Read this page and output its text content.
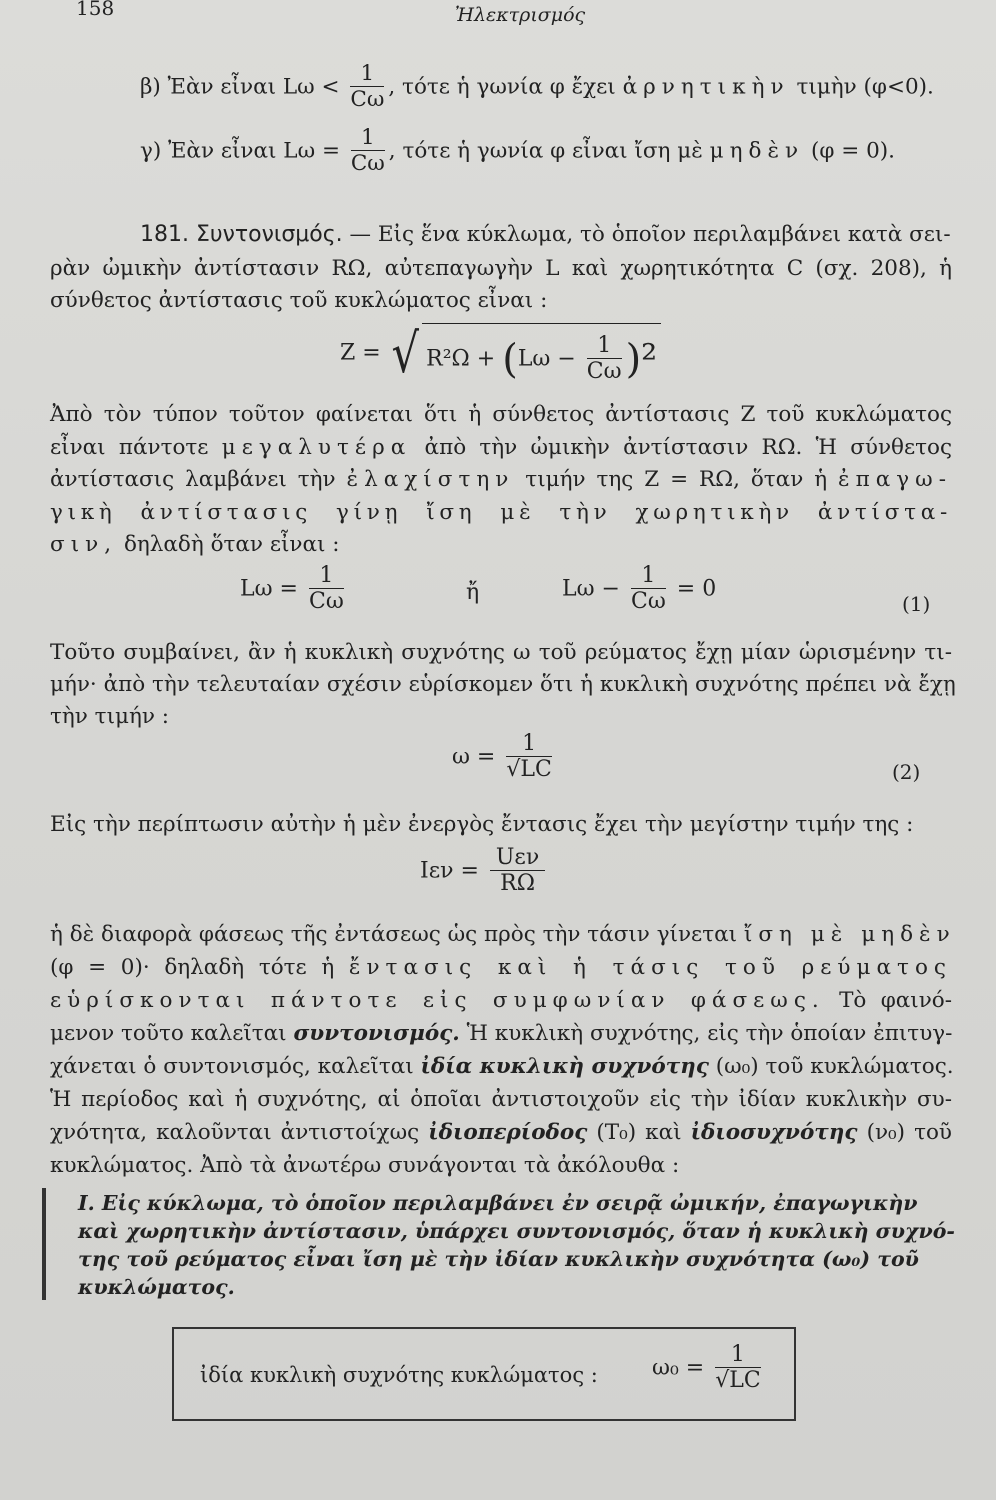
158	Ἠλεκτρισμός
β) Ἐὰν εἶναι $L\omega < \frac{1}{C\omega}$ , τότε ἡ γωνία φ ἔχει ἀρνητικὴν τιμὴν (φ<0).
γ) Ἐὰν εἶναι $L\omega = \frac{1}{C\omega}$ , τότε ἡ γωνία φ εἶναι ἴση μὲ μηδὲν (φ = 0).
181. Συντονισμός. — Εἰς ἕνα κύκλωμα, τὸ ὁποῖον περιλαμβάνει κατὰ σει-
ρὰν ὠμικὴν ἀντίστασιν RΩ, αὐτεπαγωγὴν L καὶ χωρητικότητα C (σχ. 208), ἡ
σύνθετος ἀντίστασις τοῦ κυκλώματος εἶναι :
Z = √ $R^2\Omega + (L\omega - \frac{1}{C\omega} )^2$
Ἀπὸ τὸν τύπον τοῦτον φαίνεται ὅτι ἡ σύνθετος ἀντίστασις Z τοῦ κυκλώματος
εἶναι πάντοτε μεγαλυτέρα ἀπὸ τὴν ὠμικὴν ἀντίστασιν RΩ. Ἡ σύνθετος
ἀντίστασις λαμβάνει τὴν ἐλαχίστην τιμήν της Z = RΩ, ὅταν ἡ ἐπαγω-
γικὴ ἀντίστασις γίνῃ ἴση μὲ τὴν χωρητικὴν ἀντίστα-
σιν, δηλαδὴ ὅταν εἶναι :
$L\omega = \frac{1}{C\omega}$	ἤ	$L\omega - \frac{1}{C\omega} = 0$
(1)
Τοῦτο συμβαίνει, ἂν ἡ κυκλικὴ συχνότης ω τοῦ ρεύματος ἔχῃ μίαν ὡρισμένην τι-
μήν· ἀπὸ τὴν τελευταίαν σχέσιν εὑρίσκομεν ὅτι ἡ κυκλικὴ συχνότης πρέπει νὰ ἔχῃ
τὴν τιμήν :
$\omega = \frac{1}{√LC}$	(2)
Εἰς τὴν περίπτωσιν αὐτὴν ἡ μὲν ἐνεργὸς ἔντασις ἔχει τὴν μεγίστην τιμήν της :
$I\varepsilon\nu = \frac{\text{Uεν}}{R\Omega}$
ἡ δὲ διαφορὰ φάσεως τῆς ἐντάσεως ὡς πρὸς τὴν τάσιν γίνεται ἴση μὲ μηδὲν
(φ = 0)· δηλαδὴ τότε ἡ ἔντασις καὶ ἡ τάσις τοῦ ρεύματος
εὑρίσκονται πάντοτε εἰς συμφωνίαν φάσεως. Τὸ φαινό-
μενον τοῦτο καλεῖται συντονισμός. Ἡ κυκλικὴ συχνότης, εἰς τὴν ὁποίαν ἐπιτυγ-
χάνεται ὁ συντονισμός, καλεῖται ἰδία κυκλικὴ συχνότης (ω₀) τοῦ κυκλώματος.
Ἡ περίοδος καὶ ἡ συχνότης, αἱ ὁποῖαι ἀντιστοιχοῦν εἰς τὴν ἰδίαν κυκλικὴν συ-
χνότητα, καλοῦνται ἀντιστοίχως ἰδιοπερίοδος (T₀) καὶ ἰδιοσυχνότης (ν₀) τοῦ
κυκλώματος. Ἀπὸ τὰ ἀνωτέρω συνάγονται τὰ ἀκόλουθα :
I. Εἰς κύκλωμα, τὸ ὁποῖον περιλαμβάνει ἐν σειρᾷ ὠμικήν, ἐπαγωγικὴν
καὶ χωρητικὴν ἀντίστασιν, ὑπάρχει συντονισμός, ὅταν ἡ κυκλικὴ συχνό-
της τοῦ ρεύματος εἶναι ἴση μὲ τὴν ἰδίαν κυκλικὴν συχνότητα (ω₀) τοῦ
κυκλώματος.
ἰδία κυκλικὴ συχνότης κυκλώματος : $\omega_0 = \frac{1}{√LC}$
